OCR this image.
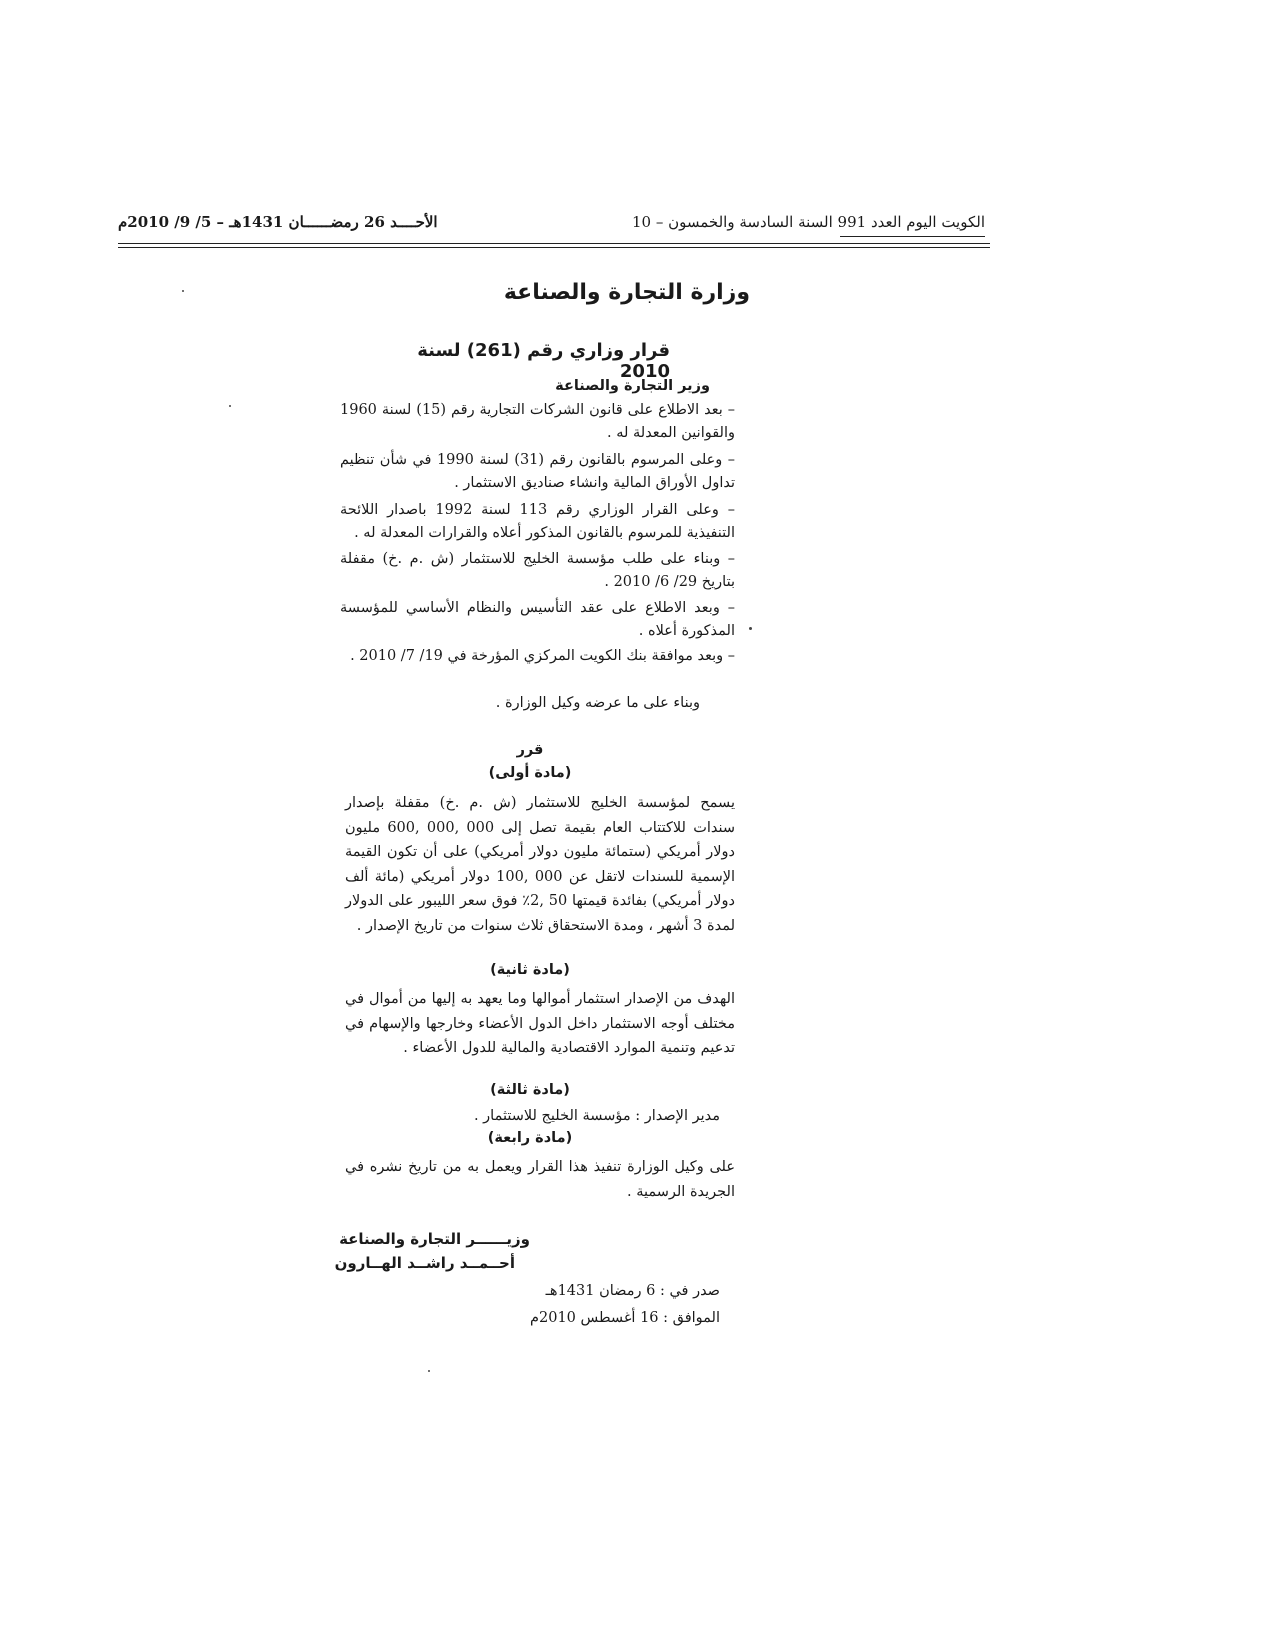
الكويت اليوم العدد 991 السنة السادسة والخمسون – 10
الأحــــد 26 رمضــــــان 1431هـ – 5/ 9/ 2010م
وزارة التجارة والصناعة
قرار وزاري رقم (261) لسنة 2010
وزير التجارة والصناعة
– بعد الاطلاع على قانون الشركات التجارية رقم (15) لسنة 1960 والقوانين المعدلة له .
– وعلى المرسوم بالقانون رقم (31) لسنة 1990 في شأن تنظيم تداول الأوراق المالية وانشاء صناديق الاستثمار .
– وعلى القرار الوزاري رقم 113 لسنة 1992 باصدار اللائحة التنفيذية للمرسوم بالقانون المذكور أعلاه والقرارات المعدلة له .
– وبناء على طلب مؤسسة الخليج للاستثمار (ش .م .خ) مقفلة بتاريخ 29/ 6/ 2010 .
– وبعد الاطلاع على عقد التأسيس والنظام الأساسي للمؤسسة المذكورة أعلاه .
– وبعد موافقة بنك الكويت المركزي المؤرخة في 19/ 7/ 2010 .
وبناء على ما عرضه وكيل الوزارة .
قرر
(مادة أولى)
يسمح لمؤسسة الخليج للاستثمار (ش .م .خ) مقفلة بإصدار سندات للاكتتاب العام بقيمة تصل إلى 000 ,000 ,600 مليون دولار أمريكي (ستمائة مليون دولار أمريكي) على أن تكون القيمة الإسمية للسندات لاتقل عن 000 ,100 دولار أمريكي (مائة ألف دولار أمريكي) بفائدة قيمتها 50 ,2٪ فوق سعر الليبور على الدولار لمدة 3 أشهر ، ومدة الاستحقاق ثلاث سنوات من تاريخ الإصدار .
(مادة ثانية)
الهدف من الإصدار استثمار أموالها وما يعهد به إليها من أموال في مختلف أوجه الاستثمار داخل الدول الأعضاء وخارجها والإسهام في تدعيم وتنمية الموارد الاقتصادية والمالية للدول الأعضاء .
(مادة ثالثة)
مدير الإصدار : مؤسسة الخليج للاستثمار .
(مادة رابعة)
على وكيل الوزارة تنفيذ هذا القرار ويعمل به من تاريخ نشره في الجريدة الرسمية .
وزيــــــر التجارة والصناعة
أحــمــد راشــد الهــارون
صدر في : 6 رمضان 1431هـ
الموافق : 16 أغسطس 2010م
